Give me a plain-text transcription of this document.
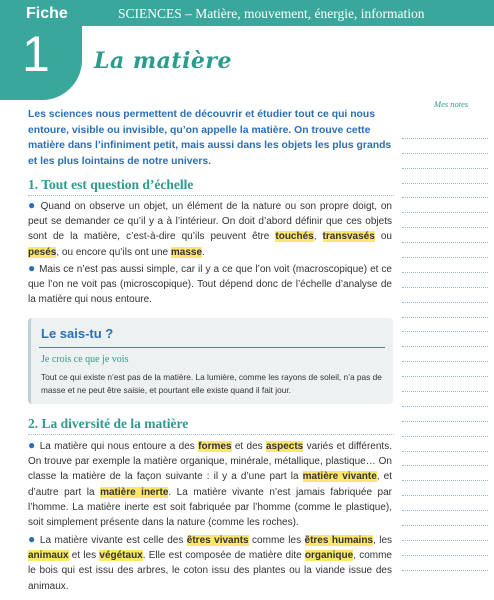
Fiche
1
SCIENCES – Matière, mouvement, énergie, information
La matière
Mes notes

Les sciences nous permettent de découvrir et étudier tout ce qui nous entoure, visible ou invisible, qu’on appelle la matière. On trouve cette matière dans l’infiniment petit, mais aussi dans les objets les plus grands et les plus lointains de notre univers.

1. Tout est question d’échelle

● Quand on observe un objet, un élément de la nature ou son propre doigt, on peut se demander ce qu’il y a à l’intérieur. On doit d’abord définir que ces objets sont de la matière, c’est-à-dire qu’ils peuvent être touchés, transvasés ou pesés, ou encore qu’ils ont une masse.

● Mais ce n’est pas aussi simple, car il y a ce que l’on voit (macroscopique) et ce que l’on ne voit pas (microscopique). Tout dépend donc de l’échelle d’analyse de la matière qui nous entoure.

Le sais-tu ?

Je crois ce que je vois

Tout ce qui existe n’est pas de la matière. La lumière, comme les rayons de soleil, n’a pas de masse et ne peut être saisie, et pourtant elle existe quand il fait jour.

2. La diversité de la matière

● La matière qui nous entoure a des formes et des aspects variés et différents. On trouve par exemple la matière organique, minérale, métallique, plastique… On classe la matière de la façon suivante : il y a d’une part la matière vivante, et d’autre part la matière inerte. La matière vivante n’est jamais fabriquée par l’homme. La matière inerte est soit fabriquée par l’homme (comme le plastique), soit simplement présente dans la nature (comme les roches).

● La matière vivante est celle des êtres vivants comme les êtres humains, les animaux et les végétaux. Elle est composée de matière dite organique, comme le bois qui est issu des arbres, le coton issu des plantes ou la viande issue des animaux.
